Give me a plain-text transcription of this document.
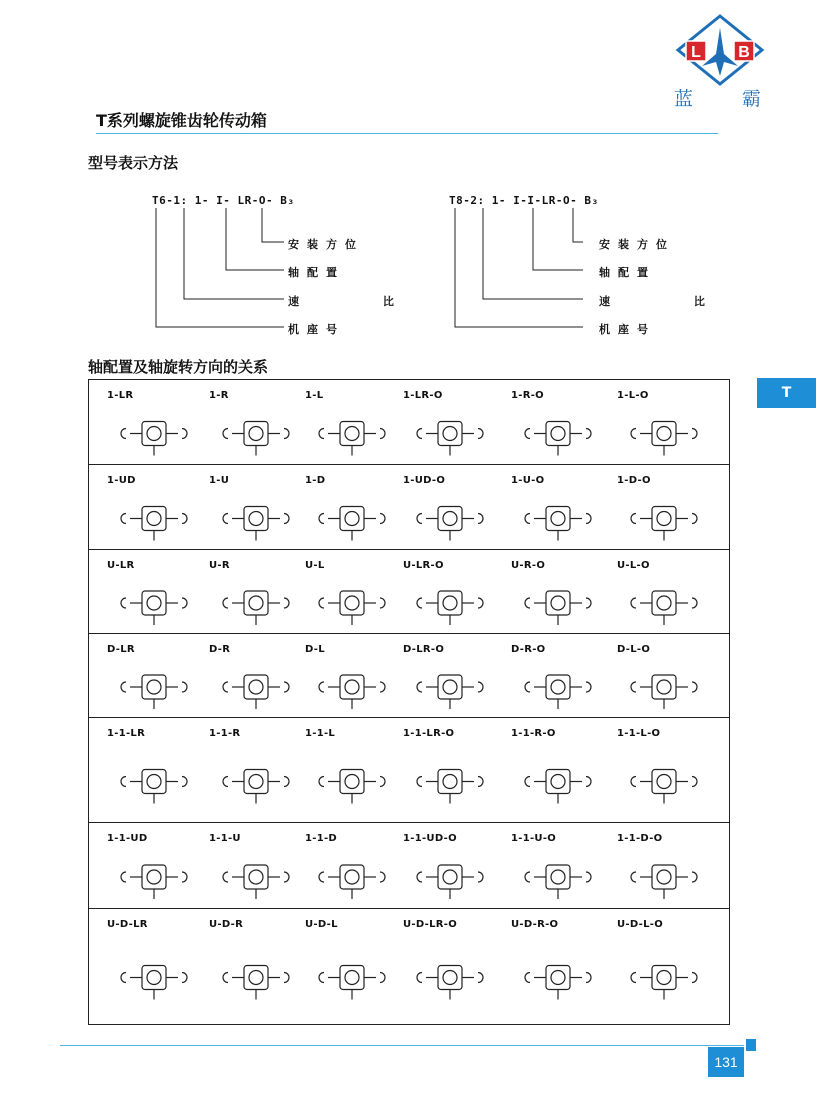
L B
蓝	霸
T系列螺旋锥齿轮传动箱
型号表示方法
T6-1: 1- I- LR-O- B₃
安装方位
轴配置
速 比
机座号
T8-2: 1- I-I-LR-O- B₃
安装方位
轴配置
速 比
机座号
轴配置及轴旋转方向的关系
T
1-LR	1-R	1-L	1-LR-O	1-R-O	1-L-O
1-UD	1-U	1-D	1-UD-O	1-U-O	1-D-O
U-LR	U-R	U-L	U-LR-O	U-R-O	U-L-O
D-LR	D-R	D-L	D-LR-O	D-R-O	D-L-O
1-1-LR	1-1-R	1-1-L	1-1-LR-O	1-1-R-O	1-1-L-O
1-1-UD	1-1-U	1-1-D	1-1-UD-O	1-1-U-O	1-1-D-O
U-D-LR	U-D-R	U-D-L	U-D-LR-O	U-D-R-O	U-D-L-O
131
